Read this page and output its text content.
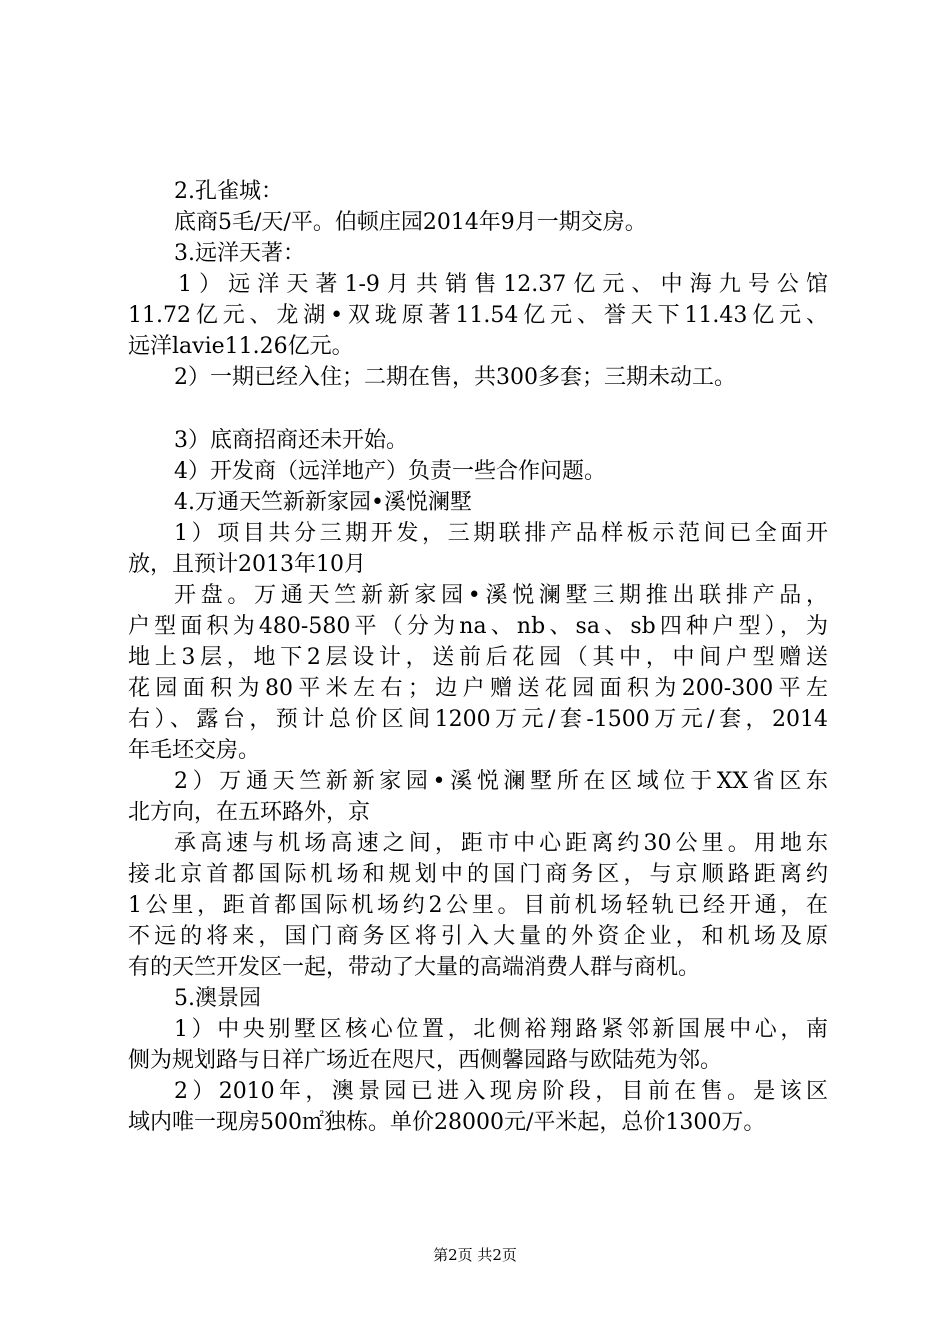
2.孔雀城：
底商5毛/天/平。伯顿庄园2014年9月一期交房。
3.远洋天著：
1）远洋天著1-9月共销售12.37亿元、中海九号公馆
11.72亿元、龙湖•双珑原著11.54亿元、誉天下11.43亿元、
远洋lavie11.26亿元。
2）一期已经入住；二期在售，共300多套；三期未动工。
3）底商招商还未开始。
4）开发商（远洋地产）负责一些合作问题。
4.万通天竺新新家园•溪悦澜墅
1）项目共分三期开发，三期联排产品样板示范间已全面开
放，且预计2013年10月
开盘。万通天竺新新家园•溪悦澜墅三期推出联排产品，
户型面积为480-580平（分为na、nb、sa、sb四种户型），为
地上3层，地下2层设计，送前后花园（其中，中间户型赠送
花园面积为80平米左右；边户赠送花园面积为200-300平左
右）、露台，预计总价区间1200万元/套-1500万元/套，2014
年毛坯交房。
2）万通天竺新新家园•溪悦澜墅所在区域位于XX省区东
北方向，在五环路外，京
承高速与机场高速之间，距市中心距离约30公里。用地东
接北京首都国际机场和规划中的国门商务区，与京顺路距离约
1公里，距首都国际机场约2公里。目前机场轻轨已经开通，在
不远的将来，国门商务区将引入大量的外资企业，和机场及原
有的天竺开发区一起，带动了大量的高端消费人群与商机。
5.澳景园
1）中央别墅区核心位置，北侧裕翔路紧邻新国展中心，南
侧为规划路与日祥广场近在咫尺，西侧馨园路与欧陆苑为邻。
2）2010年，澳景园已进入现房阶段，目前在售。是该区
域内唯一现房500㎡独栋。单价28000元/平米起，总价1300万。
第2页 共2页
